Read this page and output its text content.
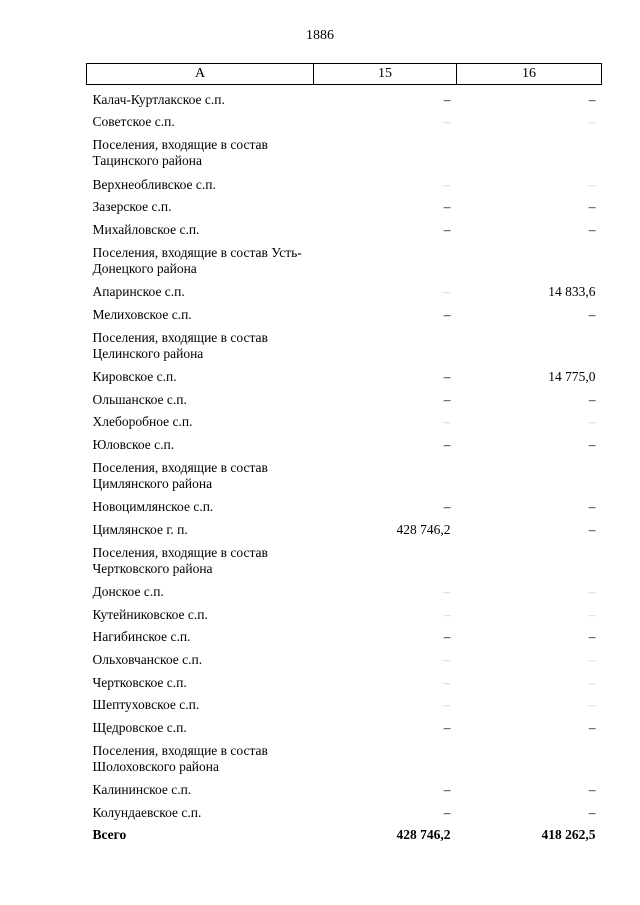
1886
А	15	16
Калач-Куртлакское с.п.	–	–
Советское с.п.	–	–
Поселения, входящие в состав Тацинского района		
Верхнеобливское с.п.	–	–
Зазерское с.п.	–	–
Михайловское с.п.	–	–
Поселения, входящие в состав Усть-Донецкого района		
Апаринское с.п.	–	14 833,6
Мелиховское с.п.	–	–
Поселения, входящие в состав Целинского района		
Кировское с.п.	–	14 775,0
Ольшанское с.п.	–	–
Хлеборобное с.п.	–	–
Юловское с.п.	–	–
Поселения, входящие в состав Цимлянского района		
Новоцимлянское с.п.	–	–
Цимлянское г. п.	428 746,2	–
Поселения, входящие в состав Чертковского района		
Донское с.п.	–	–
Кутейниковское с.п.	–	–
Нагибинское с.п.	–	–
Ольховчанское с.п.	–	–
Чертковское с.п.	–	–
Шептуховское с.п.	–	–
Щедровское с.п.	–	–
Поселения, входящие в состав Шолоховского района		
Калининское с.п.	–	–
Колундаевское с.п.	–	–
Всего	428 746,2	418 262,5
